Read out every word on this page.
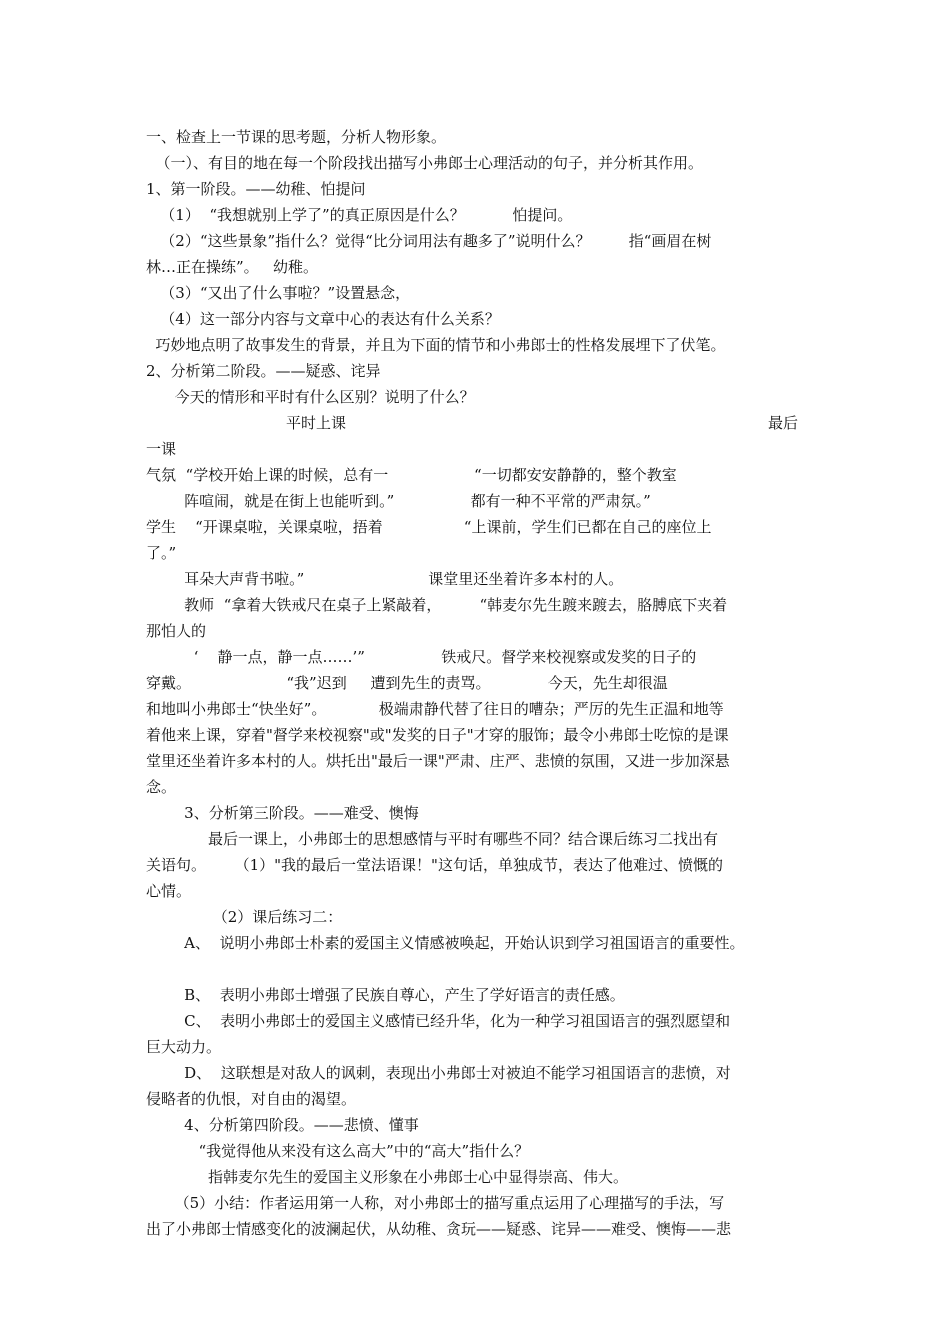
一、检查上一节课的思考题，分析人物形象。

（一）、有目的地在每一个阶段找出描写小弗郎士心理活动的句子，并分析其作用。

1、第一阶段。——幼稚、怕提问

（1）  “我想就别上学了”的真正原因是什么？          怕提问。

（2）“这些景象”指什么？觉得“比分词用法有趣多了”说明什么？        指“画眉在树

林…正在操练”。   幼稚。

（3）“又出了什么事啦？”设置悬念，

（4）这一部分内容与文章中心的表达有什么关系？

巧妙地点明了故事发生的背景，并且为下面的情节和小弗郎士的性格发展埋下了伏笔。

2、分析第二阶段。——疑惑、诧异

今天的情形和平时有什么区别？说明了什么？

平时上课	最后

一课

气氛  “学校开始上课的时候，总有一                  “一切都安安静静的，整个教室

阵喧闹，就是在街上也能听到。”                都有一种不平常的严肃氛。”

学生    “开课桌啦，关课桌啦，捂着                 “上课前，学生们已都在自己的座位上

了。”

耳朵大声背书啦。”                          课堂里还坐着许多本村的人。

教师  “拿着大铁戒尺在桌子上紧敲着，        “韩麦尔先生踱来踱去，胳膊底下夹着

那怕人的

‘    静一点，静一点……’”                铁戒尺。督学来校视察或发奖的日子的

穿戴。                    “我”迟到     遭到先生的责骂。            今天，先生却很温

和地叫小弗郎士“快坐好”。           极端肃静代替了往日的嘈杂；严厉的先生正温和地等

着他来上课，穿着"督学来校视察"或"发奖的日子"才穿的服饰；最令小弗郎士吃惊的是课

堂里还坐着许多本村的人。烘托出"最后一课"严肃、庄严、悲愤的氛围，又进一步加深悬

念。

3、分析第三阶段。——难受、懊悔

最后一课上，小弗郎士的思想感情与平时有哪些不同？结合课后练习二找出有

关语句。      （1）"我的最后一堂法语课！"这句话，单独成节，表达了他难过、愤慨的

心情。

（2）课后练习二：

A、  说明小弗郎士朴素的爱国主义情感被唤起，开始认识到学习祖国语言的重要性。

B、  表明小弗郎士增强了民族自尊心，产生了学好语言的责任感。

C、  表明小弗郎士的爱国主义感情已经升华，化为一种学习祖国语言的强烈愿望和

巨大动力。

D、  这联想是对敌人的讽刺，表现出小弗郎士对被迫不能学习祖国语言的悲愤，对

侵略者的仇恨，对自由的渴望。

4、分析第四阶段。——悲愤、懂事

“我觉得他从来没有这么高大”中的“高大”指什么？

指韩麦尔先生的爱国主义形象在小弗郎士心中显得崇高、伟大。

（5）小结：作者运用第一人称，对小弗郎士的描写重点运用了心理描写的手法，写

出了小弗郎士情感变化的波澜起伏，从幼稚、贪玩——疑惑、诧异——难受、懊悔——悲
